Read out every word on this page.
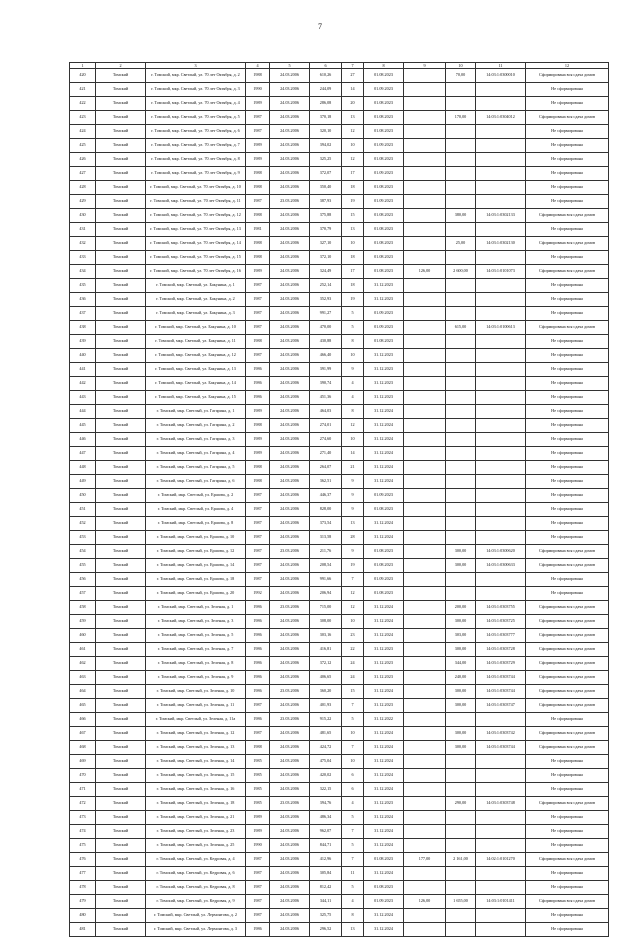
7
1	2	3	4	5	6	7	8	9	10	11	12
420	Томский	г. Томский, мкр. Светлый, ул. 70 лет Октября, д. 2	1988	24.03.2006	610,26	27	01.08.2023		70,00	14:03:1:0300010	Сформирована вся сдача домов
421	Томский	г. Томский, мкр. Светлый, ул. 70 лет Октября, д. 3	1990	24.03.2006	244,09	14	01.09.2023				Не сформирована
422	Томский	г. Томский, мкр. Светлый, ул. 70 лет Октября, д. 4	1989	24.03.2006	286,08	20	01.08.2023				Не сформирована
423	Томский	г. Томский, мкр. Светлый, ул. 70 лет Октября, д. 5	1987	24.03.2006	370,18	13	01.08.2023		170,00	14:03:1:0304012	Сформирована вся сдача домов
424	Томский	г. Томский, мкр. Светлый, ул. 70 лет Октября, д. 6	1987	24.03.2006	320,10	12	01.08.2023				Не сформирована
425	Томский	г. Томский, мкр. Светлый, ул. 70 лет Октября, д. 7	1989	24.03.2006	394,02	10	01.09.2023				Не сформирована
426	Томский	г. Томский, мкр. Светлый, ул. 70 лет Октября, д. 8	1989	24.03.2006	325,25	12	01.08.2023				Не сформирована
427	Томский	г. Томский, мкр. Светлый, ул. 70 лет Октября, д. 9	1988	24.03.2006	372,07	17	01.09.2023				Не сформирована
428	Томский	г. Томский, мкр. Светлый, ул. 70 лет Октября, д. 10	1988	24.03.2006	350,40	18	01.08.2023				Не сформирована
429	Томский	г. Томский, мкр. Светлый, ул. 70 лет Октября, д. 11	1987	23.03.2006	387,93	19	01.09.2023				Не сформирована
430	Томский	г. Томский, мкр. Светлый, ул. 70 лет Октября, д. 12	1988	24.03.2006	375,88	15	01.08.2023		380,00	14:03:1:0302133	Сформирована вся сдача домов
431	Томский	г. Томский, мкр. Светлый, ул. 70 лет Октября, д. 13	1981	24.03.2006	370,79	13	01.08.2023				Не сформирована
432	Томский	г. Томский, мкр. Светлый, ул. 70 лет Октября, д. 14	1988	24.03.2006	327,10	10	01.08.2023		25,00	14:03:1:0302130	Сформирована вся сдача домов
433	Томский	г. Томский, мкр. Светлый, ул. 70 лет Октября, д. 15	1988	24.03.2006	372,10	18	01.08.2023				Не сформирована
434	Томский	г. Томский, мкр. Светлый, ул. 70 лет Октября, д. 16	1989	24.03.2006	324,49	17	01.08.2023	126,00	2 600,00	14:03:1:0101073	Сформирована вся сдача домов
435	Томский	г. Томский, мкр. Светлый, ул. Бакунина, д. 1	1987	24.03.2006	252,14	18	31.12.2023				Не сформирована
436	Томский	г. Томский, мкр. Светлый, ул. Бакунина, д. 2	1987	24.03.2006	352,93	19	31.12.2023				Не сформирована
437	Томский	г. Томский, мкр. Светлый, ул. Бакунина, д. 3	1987	24.03.2006	991,27	5	01.09.2023				Не сформирована
438	Томский	г. Томский, мкр. Светлый, ул. Бакунина, д. 10	1987	24.03.2006	470,00	5	01.09.2023		615,00	14:03:1:0100613	Сформирована вся сдача домов
439	Томский	г. Томский, мкр. Светлый, ул. Бакунина, д. 11	1988	24.03.2006	430,88	8	01.08.2023				Не сформирована
440	Томский	г. Томский, мкр. Светлый, ул. Бакунина, д. 12	1987	24.03.2006	466,40	10	31.12.2023				Не сформирована
441	Томский	г. Томский, мкр. Светлый, ул. Бакунина, д. 13	1986	24.03.2006	391,99	9	31.12.2023				Не сформирована
442	Томский	г. Томский, мкр. Светлый, ул. Бакунина, д. 14	1986	24.03.2006	390,74	4	31.12.2023				Не сформирована
443	Томский	г. Томский, мкр. Светлый, ул. Бакунина, д. 15	1986	24.03.2006	451,36	4	31.12.2023				Не сформирована
444	Томский	г. Томский, мкр. Светлый, ул. Гагарина, д. 1	1989	24.03.2006	464,03	8	31.12.2024				Не сформирована
445	Томский	г. Томский, мкр. Светлый, ул. Гагарина, д. 2	1988	24.03.2006	274,01	12	31.12.2024				Не сформирована
446	Томский	г. Томский, мкр. Светлый, ул. Гагарина, д. 3	1989	24.03.2006	274,60	10	31.12.2024				Не сформирована
447	Томский	г. Томский, мкр. Светлый, ул. Гагарина, д. 4	1989	24.03.2006	271,40	14	31.12.2024				Не сформирована
448	Томский	г. Томский, мкр. Светлый, ул. Гагарина, д. 5	1988	24.03.2006	264,07	21	31.12.2024				Не сформирована
449	Томский	г. Томский, мкр. Светлый, ул. Гагарина, д. 6	1988	24.03.2006	362,51	9	31.12.2024				Не сформирована
450	Томский	г. Томский, мкр. Светлый, ул. Ершова, д. 2	1987	24.03.2006	446,37	9	01.09.2023				Не сформирована
451	Томский	г. Томский, мкр. Светлый, ул. Ершова, д. 4	1987	24.03.2006	828,00	9	01.08.2023				Не сформирована
452	Томский	г. Томский, мкр. Светлый, ул. Ершова, д. 8	1987	24.03.2006	373,54	13	31.12.2024				Не сформирована
453	Томский	г. Томский, мкр. Светлый, ул. Ершова, д. 10	1987	24.03.2006	313,58	28	31.12.2024				Не сформирована
454	Томский	г. Томский, мкр. Светлый, ул. Ершова, д. 12	1987	23.03.2006	211,76	9	01.08.2023		300,00	14:03:1:0300620	Сформирована вся сдача домов
455	Томский	г. Томский, мкр. Светлый, ул. Ершова, д. 14	1987	24.03.2006	208,54	19	01.08.2023		300,00	14:03:1:0300633	Сформирована вся сдача домов
456	Томский	г. Томский, мкр. Светлый, ул. Ершова, д. 18	1987	24.03.2006	991,66	7	01.09.2023				Не сформирована
457	Томский	г. Томский, мкр. Светлый, ул. Ершова, д. 20	1992	24.03.2006	206,94	12	01.08.2023				Не сформирована
458	Томский	г. Томский, мкр. Светлый, ул. Зеленая, д. 1	1986	23.03.2006	715,00	12	31.12.2024		200,00	14:03:1:0303755	Сформирована вся сдача домов
459	Томский	г. Томский, мкр. Светлый, ул. Зеленая, д. 3	1986	24.03.2006	308,00	10	31.12.2024		300,00	14:03:1:0303725	Сформирована вся сдача домов
460	Томский	г. Томский, мкр. Светлый, ул. Зеленая, д. 5	1986	24.03.2006	303,16	23	31.12.2024		303,00	14:03:1:0303777	Сформирована вся сдача домов
461	Томский	г. Томский, мкр. Светлый, ул. Зеленая, д. 7	1986	24.03.2006	416,81	22	31.12.2023		300,00	14:03:1:0303728	Сформирована вся сдача домов
462	Томский	г. Томский, мкр. Светлый, ул. Зеленая, д. 8	1986	24.03.2006	372,12	24	31.12.2023		344,00	14:03:1:0303729	Сформирована вся сдача домов
463	Томский	г. Томский, мкр. Светлый, ул. Зеленая, д. 9	1986	24.03.2006	406,65	24	31.12.2023		240,00	14:03:1:0303744	Сформирована вся сдача домов
464	Томский	г. Томский, мкр. Светлый, ул. Зеленая, д. 10	1986	23.03.2006	360,20	15	31.12.2024		300,00	14:03:1:0303744	Сформирована вся сдача домов
465	Томский	г. Томский, мкр. Светлый, ул. Зеленая, д. 11	1987	24.03.2006	401,93	7	31.12.2023		300,00	14:03:1:0303747	Сформирована вся сдача домов
466	Томский	г. Томский, мкр. Светлый, ул. Зеленая, д. 11а	1986	23.03.2006	915,22	5	31.12.2022				Не сформирована
467	Томский	г. Томский, мкр. Светлый, ул. Зеленая, д. 12	1987	24.03.2006	481,65	10	31.12.2024		300,00	14:03:1:0303742	Сформирована вся сдача домов
468	Томский	г. Томский, мкр. Светлый, ул. Зеленая, д. 13	1988	24.03.2006	424,72	7	31.12.2024		300,00	14:03:1:0303744	Сформирована вся сдача домов
469	Томский	г. Томский, мкр. Светлый, ул. Зеленая, д. 14	1985	24.03.2006	475,04	10	31.12.2024				Не сформирована
470	Томский	г. Томский, мкр. Светлый, ул. Зеленая, д. 15	1985	24.03.2006	420,02	6	31.12.2024				Не сформирована
471	Томский	г. Томский, мкр. Светлый, ул. Зеленая, д. 16	1985	24.03.2006	322,15	6	31.12.2024				Не сформирована
472	Томский	г. Томский, мкр. Светлый, ул. Зеленая, д. 18	1985	23.03.2006	394,76	4	31.12.2023		290,00	14:03:1:0303748	Сформирована вся сдача домов
473	Томский	г. Томский, мкр. Светлый, ул. Зеленая, д. 21	1989	24.03.2006	486,34	5	31.12.2024				Не сформирована
474	Томский	г. Томский, мкр. Светлый, ул. Зеленая, д. 23	1989	24.03.2006	962,07	7	31.12.2024				Не сформирована
475	Томский	г. Томский, мкр. Светлый, ул. Зеленая, д. 25	1990	24.03.2006	844,71	5	31.12.2024				Не сформирована
476	Томский	г. Томский, мкр. Светлый, ул. Кедровая, д. 4	1987	24.03.2006	412,96	7	01.08.2023	177,00	2 161,00	14:02:1:0101270	Сформирована вся сдача домов
477	Томский	г. Томский, мкр. Светлый, ул. Кедровая, д. 6	1987	24.03.2006	305,84	11	31.12.2024				Не сформирована
478	Томский	г. Томский, мкр. Светлый, ул. Кедровая, д. 8	1987	24.03.2006	812,42	5	01.08.2023				Не сформирована
479	Томский	г. Томский, мкр. Светлый, ул. Кедровая, д. 9	1987	24.03.2006	344,11	4	01.09.2023	126,00	1 655,00	14:03:1:0101411	Сформирована вся сдача домов
480	Томский	г. Томский, мкр. Светлый, ул. Лермонтова, д. 2	1987	24.03.2006	325,75	8	31.12.2024				Не сформирована
481	Томский	г. Томский, мкр. Светлый, ул. Лермонтова, д. 3	1986	24.03.2006	296,52	13	31.12.2024				Не сформирована
